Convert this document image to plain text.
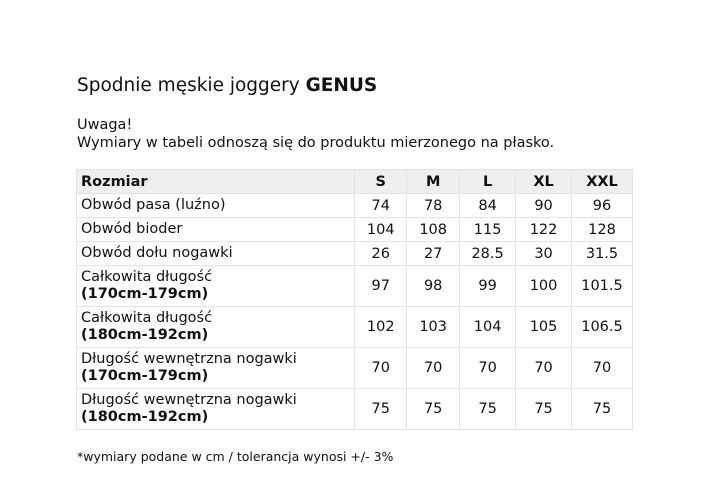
Spodnie męskie joggery GENUS
Uwaga!
Wymiary w tabeli odnoszą się do produktu mierzonego na płasko.
Rozmiar	S	M	L	XL	XXL
Obwód pasa (luźno)	74	78	84	90	96
Obwód bioder	104	108	115	122	128
Obwód dołu nogawki	26	27	28.5	30	31.5
Całkowita długość
(170cm-179cm)	97	98	99	100	101.5
Całkowita długość
(180cm-192cm)	102	103	104	105	106.5
Długość wewnętrzna nogawki
(170cm-179cm)	70	70	70	70	70
Długość wewnętrzna nogawki
(180cm-192cm)	75	75	75	75	75
*wymiary podane w cm / tolerancja wynosi +/- 3%
